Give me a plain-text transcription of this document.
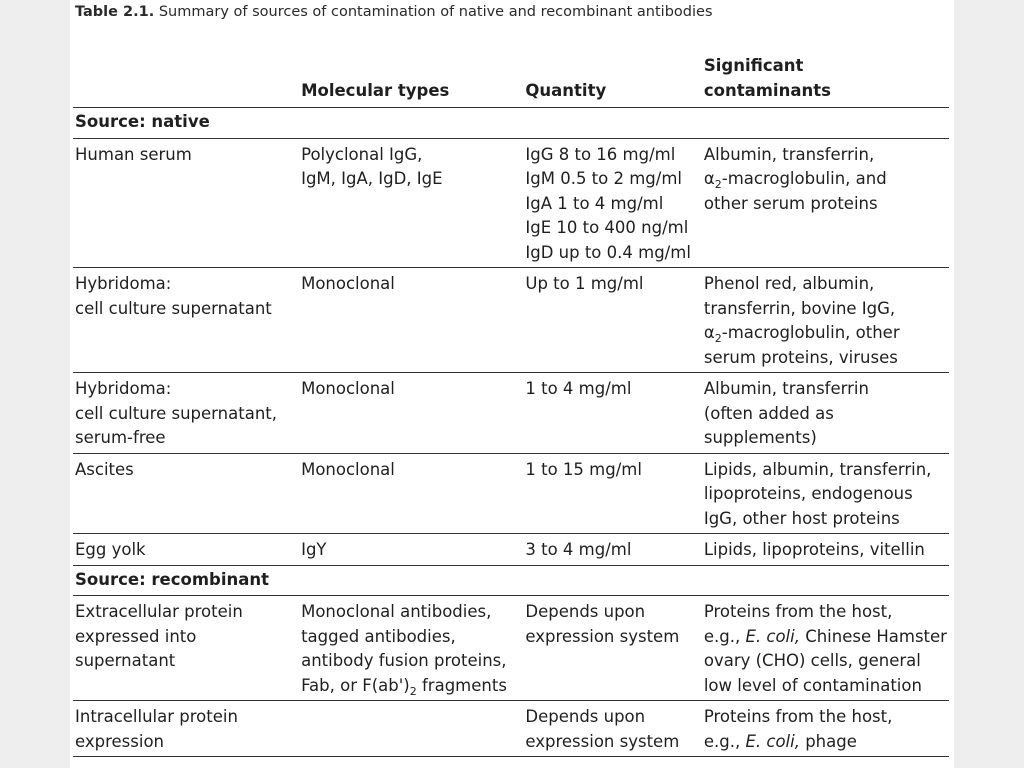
Table 2.1. Summary of sources of contamination of native and recombinant antibodies
	Molecular types	Quantity	Significant
contaminants

Source: native			

Human serum	Polyclonal IgG,
IgM, IgA, IgD, IgE	IgG 8 to 16 mg/ml
IgM 0.5 to 2 mg/ml
IgA 1 to 4 mg/ml
IgE 10 to 400 ng/ml
IgD up to 0.4 mg/ml	Albumin, transferrin,
$\alpha_2$-macroglobulin, and
other serum proteins

Hybridoma:
cell culture supernatant	Monoclonal	Up to 1 mg/ml	Phenol red, albumin,
transferrin, bovine IgG,
$\alpha_2$-macroglobulin, other
serum proteins, viruses

Hybridoma:
cell culture supernatant,
serum-free	Monoclonal	1 to 4 mg/ml	Albumin, transferrin
(often added as
supplements)

Ascites	Monoclonal	1 to 15 mg/ml	Lipids, albumin, transferrin,
lipoproteins, endogenous
IgG, other host proteins

Egg yolk	IgY	3 to 4 mg/ml	Lipids, lipoproteins, vitellin

Source: recombinant			

Extracellular protein
expressed into
supernatant	Monoclonal antibodies,
tagged antibodies,
antibody fusion proteins,
Fab, or $F(ab')_2$ fragments	Depends upon
expression system	Proteins from the host,
e.g., E. coli, Chinese Hamster
ovary (CHO) cells, general
low level of contamination

Intracellular protein
expression		Depends upon
expression system	Proteins from the host,
e.g., E. coli, phage
